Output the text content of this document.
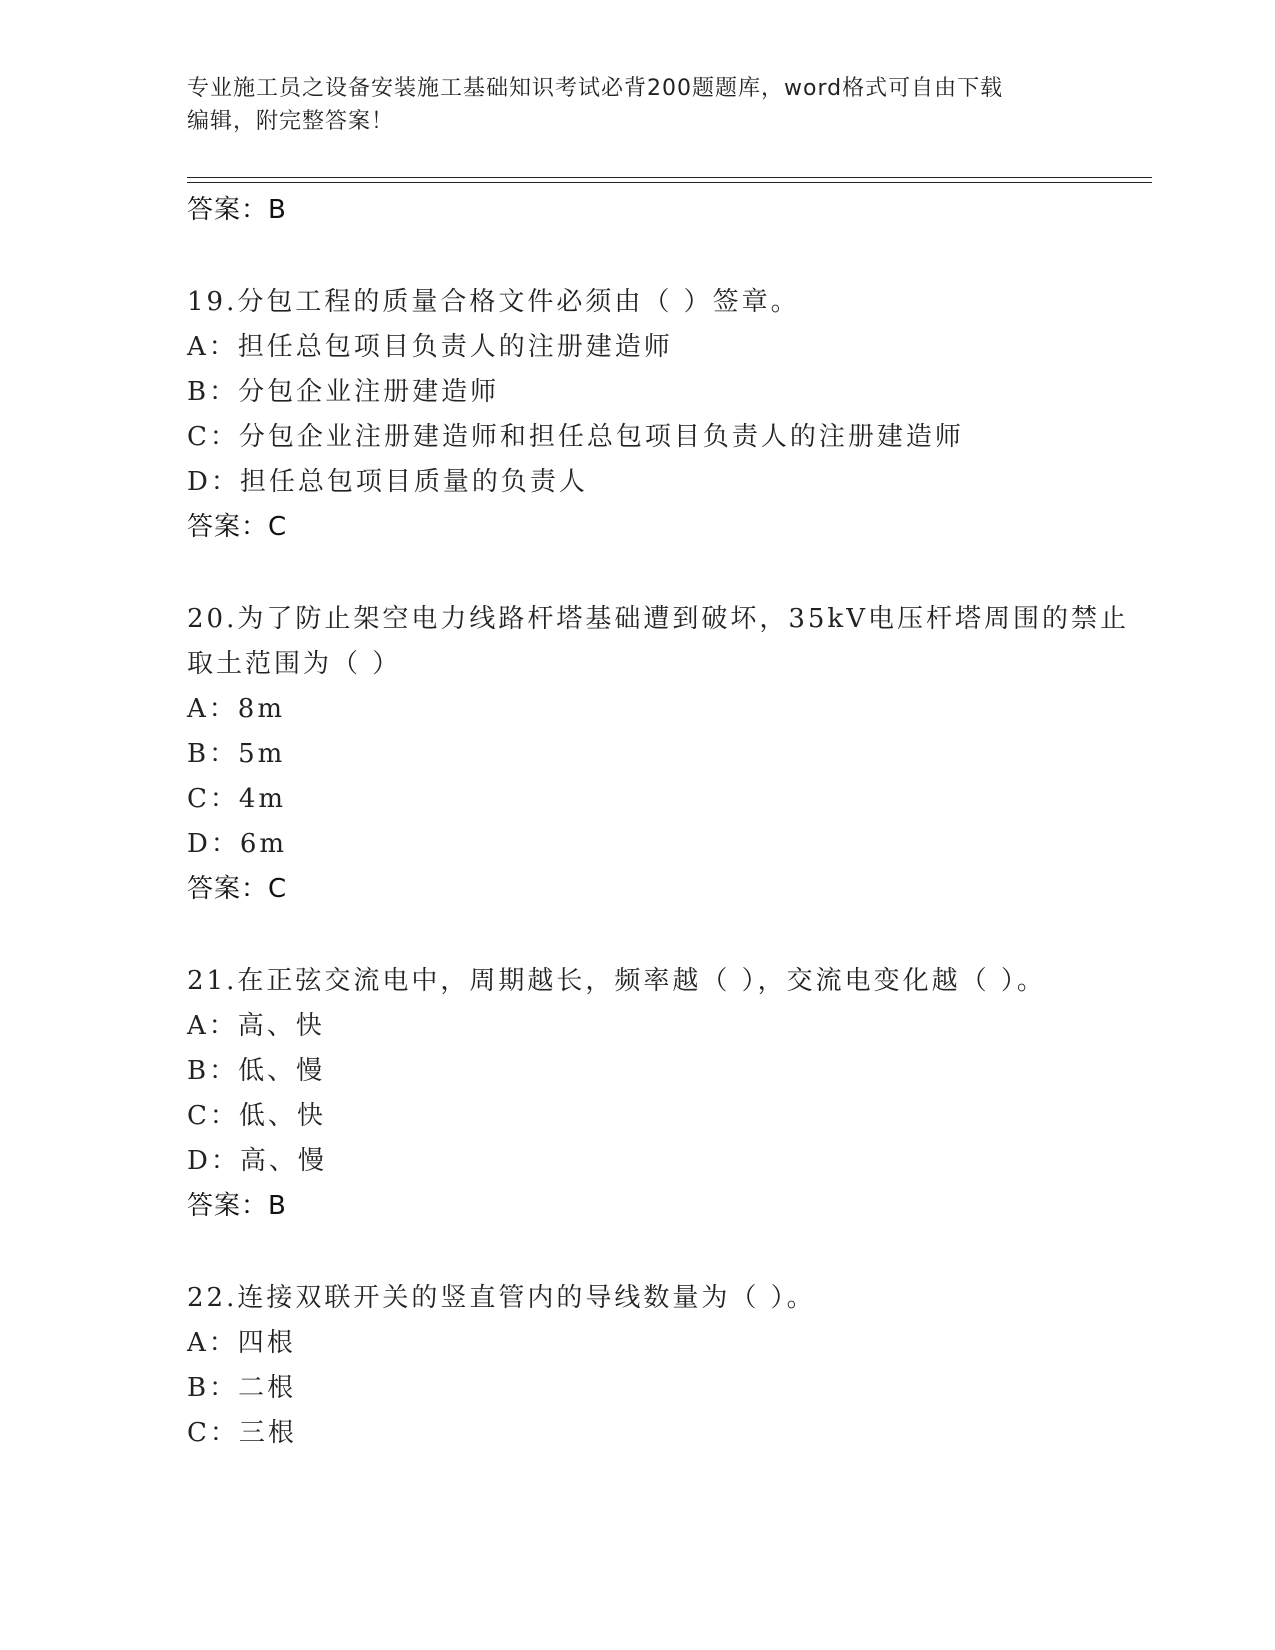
专业施工员之设备安装施工基础知识考试必背200题题库，word格式可自由下载
编辑，附完整答案！
答案：B
19.分包工程的质量合格文件必须由（ ）签章。
A：担任总包项目负责人的注册建造师
B：分包企业注册建造师
C：分包企业注册建造师和担任总包项目负责人的注册建造师
D：担任总包项目质量的负责人
答案：C
20.为了防止架空电力线路杆塔基础遭到破坏，35kV电压杆塔周围的禁止取土范围为（ ）
A：8m
B：5m
C：4m
D：6m
答案：C
21.在正弦交流电中，周期越长，频率越（ ），交流电变化越（ ）。
A：高、快
B：低、慢
C：低、快
D：高、慢
答案：B
22.连接双联开关的竖直管内的导线数量为（ ）。
A：四根
B：二根
C：三根
